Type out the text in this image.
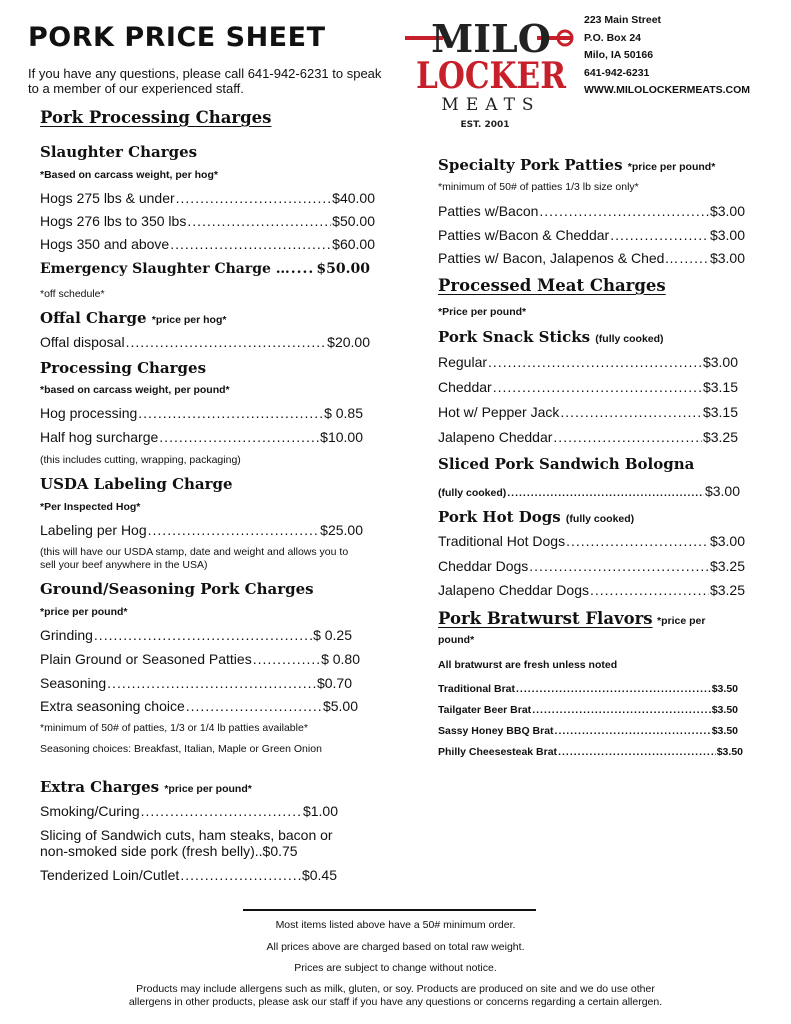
PORK PRICE SHEET
If you have any questions, please call 641-942-6231 to speak to a member of our experienced staff.
MILO
LOCKER
MEATS
EST. 2001
223 Main Street
P.O. Box 24
Milo, IA 50166
641-942-6231
WWW.MILOLOCKERMEATS.COM
Pork Processing Charges
Slaughter Charges
*Based on carcass weight, per hog*
Hogs 275 lbs & under .....	$40.00
Hogs 276 lbs to 350 lbs .....	$50.00
Hogs 350 and above .....	$60.00
Emergency Slaughter Charge … ..... $50.00
*off schedule*
Offal Charge *price per hog*
Offal disposal .....	$20.00
Processing Charges
*based on carcass weight, per pound*
Hog processing .....	$ 0.85
Half hog surcharge .....	$10.00
(this includes cutting, wrapping, packaging)
USDA Labeling Charge
*Per Inspected Hog*
Labeling per Hog .....	$25.00
(this will have our USDA stamp, date and weight and allows you to sell your beef anywhere in the USA)
Ground/Seasoning Pork Charges
*price per pound*
Grinding .....	$ 0.25
Plain Ground or Seasoned Patties .....	$ 0.80
Seasoning .....	$0.70
Extra seasoning choice .....	$5.00
*minimum of 50# of patties, 1/3 or 1/4 lb patties available*
Seasoning choices: Breakfast, Italian, Maple or Green Onion
Extra Charges *price per pound*
Smoking/Curing .....	$1.00
Slicing of Sandwich cuts, ham steaks, bacon or
non-smoked side pork (fresh belly)..$0.75
Tenderized Loin/Cutlet .....	$0.45
Specialty Pork Patties *price per pound*
*minimum of 50# of patties 1/3 lb size only*
Patties w/Bacon .....	$3.00
Patties w/Bacon & Cheddar .....	$3.00
Patties w/ Bacon, Jalapenos & Ched… ..... $3.00
Processed Meat Charges
*Price per pound*
Pork Snack Sticks (fully cooked)
Regular .....	$3.00
Cheddar .....	$3.15
Hot w/ Pepper Jack .....	$3.15
Jalapeno Cheddar .....	$3.25
Sliced Pork Sandwich Bologna
(fully cooked) .....	$3.00
Pork Hot Dogs (fully cooked)
Traditional Hot Dogs .....	$3.00
Cheddar Dogs .....	$3.25
Jalapeno Cheddar Dogs .....	$3.25
Pork Bratwurst Flavors *price per
pound*
All bratwurst are fresh unless noted
Traditional Brat .....	$3.50
Tailgater Beer Brat .....	$3.50
Sassy Honey BBQ Brat .....	$3.50
Philly Cheesesteak Brat .....	$3.50
Most items listed above have a 50# minimum order.
All prices above are charged based on total raw weight.
Prices are subject to change without notice.
Products may include allergens such as milk, gluten, or soy. Products are produced on site and we do use other
allergens in other products, please ask our staff if you have any questions or concerns regarding a certain allergen.
